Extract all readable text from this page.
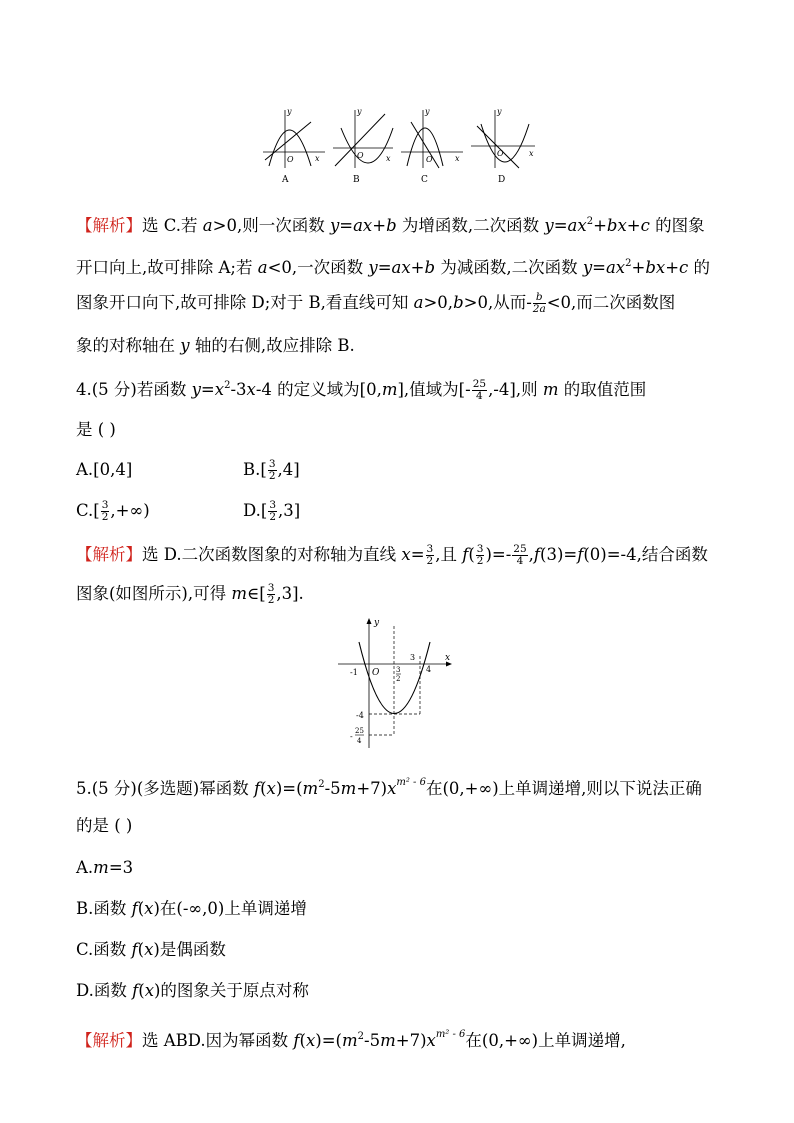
y
x
O
A
y
x
O
B
y
x
O
C
y
x
O
D
【解析】选 C.若 a>0,则一次函数 y=ax+b 为增函数,二次函数 $y=ax^2+bx+c$ 的图象
开口向上,故可排除 A;若 a<0,一次函数 y=ax+b 为减函数,二次函数 $y=ax^2+bx+c$ 的
图象开口向下,故可排除 D;对于 B,看直线可知 a>0,b>0,从而- $\frac{b}{2a} <0$,而二次函数图
象的对称轴在 y 轴的右侧,故应排除 B.
4.(5 分)若函数 $y=x^2-3x-4$ 的定义域为[0,m],值域为[- $\frac{25}{4} ,-4$],则 m 的取值范围
是 ( )
A.[0,4]	$B.[ \frac{3}{2} ,4]$
$C.[ \frac{3}{2}$ ,+∞)	$D.[ \frac{3}{2} ,3]$
【解析】选 D.二次函数图象的对称轴为直线 $x= \frac{3}{2}$ ,且 $f( \frac{3}{2}$ )=- $\frac{25}{4} ,f(3)=f(0)=-4$,结合函数
图象(如图所示),可得 m∈[ $\frac{3}{2} ,3$].
y
x
O
-1
3
4
3
2
-4
-
25
4
5.(5 分)(多选题)幂函数 $f(x)=(m^2-5m+7)x^{m^2 - 6}$在(0,+∞)上单调递增,则以下说法正确
的是 ( )
A.m=3
B.函数 f(x)在(-∞,0)上单调递增
C.函数 f(x)是偶函数
D.函数 f(x)的图象关于原点对称
【解析】选 ABD.因为幂函数 $f(x)=(m^2-5m+7)x^{m^2 - 6}$在(0,+∞)上单调递增,
